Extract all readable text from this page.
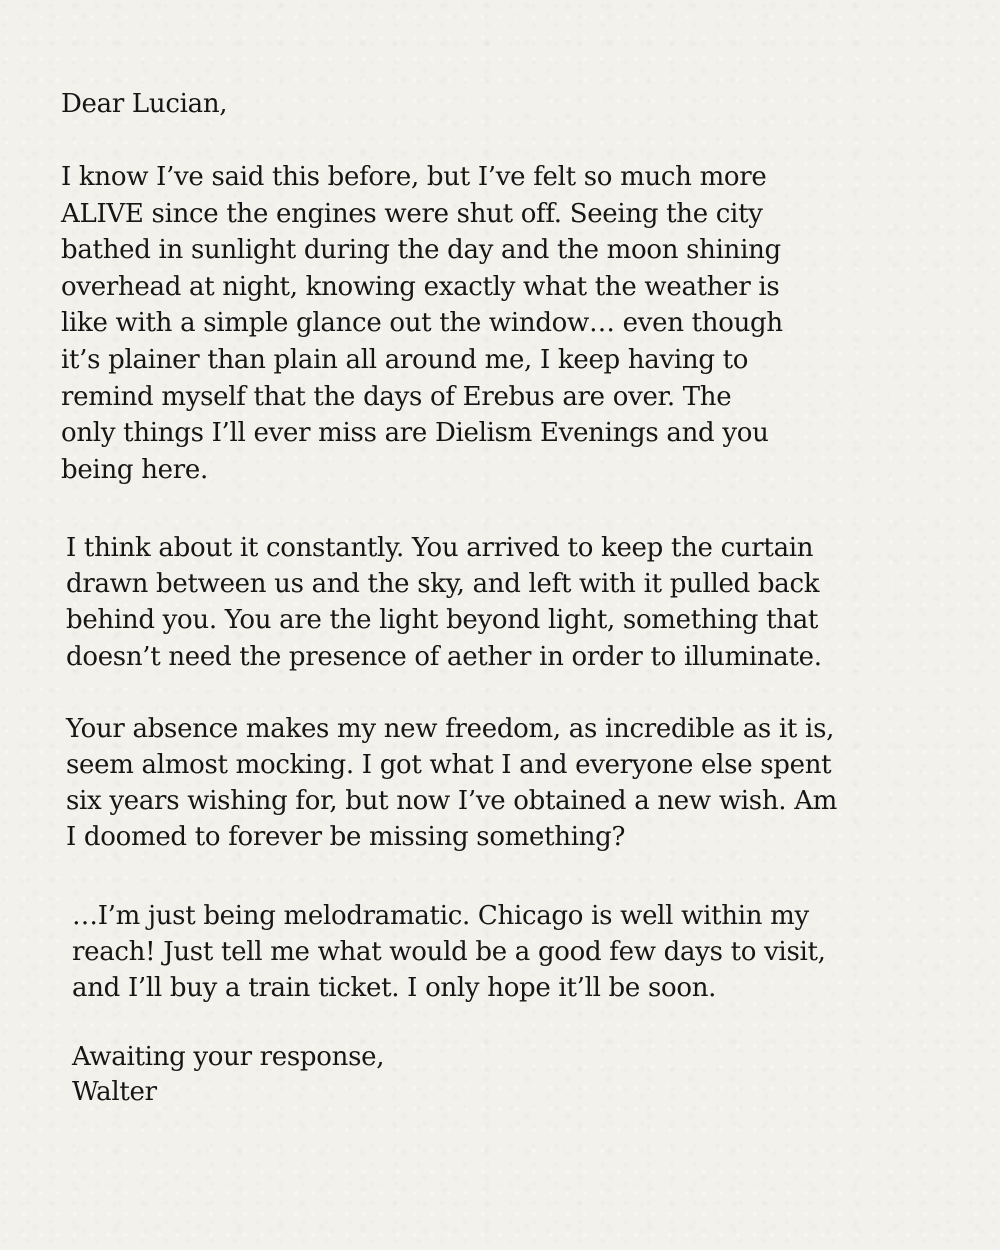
Dear Lucian,
I know I’ve said this before, but I’ve felt so much more
ALIVE since the engines were shut off. Seeing the city
bathed in sunlight during the day and the moon shining
overhead at night, knowing exactly what the weather is
like with a simple glance out the window… even though
it’s plainer than plain all around me, I keep having to
remind myself that the days of Erebus are over. The
only things I’ll ever miss are Dielism Evenings and you
being here.
I think about it constantly. You arrived to keep the curtain
drawn between us and the sky, and left with it pulled back
behind you. You are the light beyond light, something that
doesn’t need the presence of aether in order to illuminate.
Your absence makes my new freedom, as incredible as it is,
seem almost mocking. I got what I and everyone else spent
six years wishing for, but now I’ve obtained a new wish. Am
I doomed to forever be missing something?
…I’m just being melodramatic. Chicago is well within my
reach! Just tell me what would be a good few days to visit,
and I’ll buy a train ticket. I only hope it’ll be soon.
Awaiting your response,
Walter
